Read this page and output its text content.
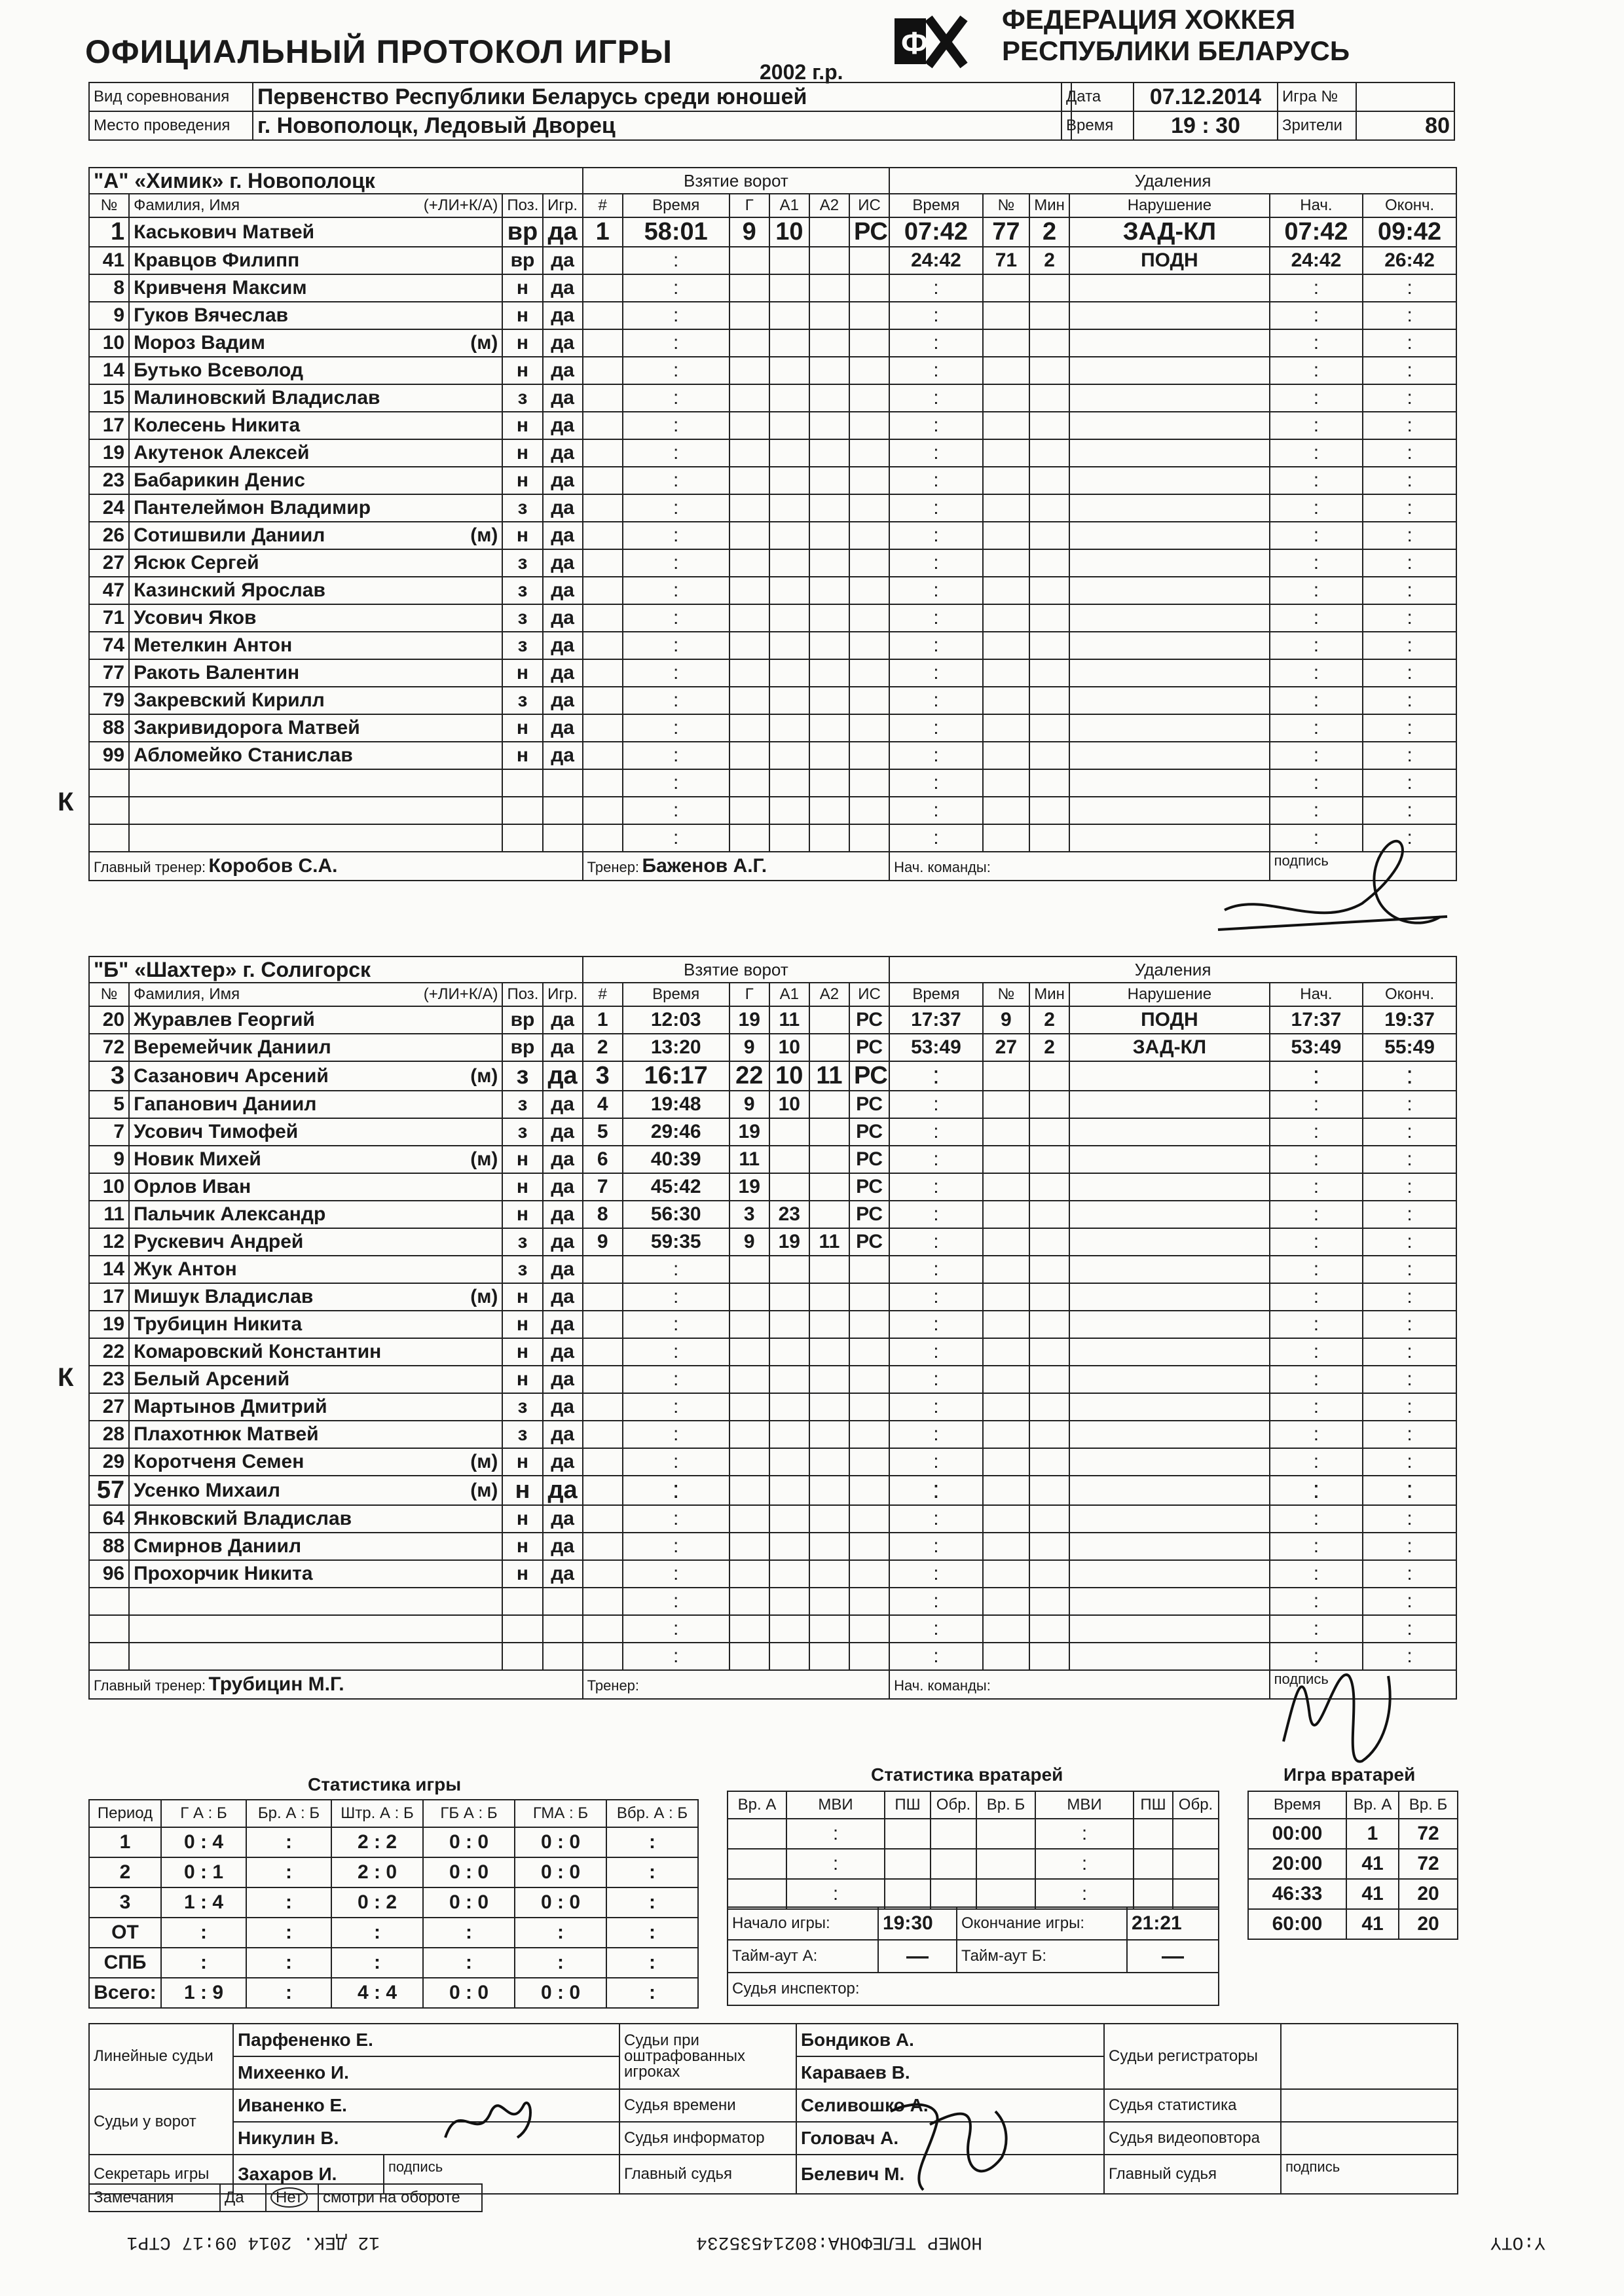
ОФИЦИАЛЬНЫЙ ПРОТОКОЛ ИГРЫ
2002 г.р.
Ф
ФЕДЕРАЦИЯ ХОККЕЯ
РЕСПУБЛИКИ БЕЛАРУСЬ
Вид соревнования	Первенство Республики Беларусь среди юношей
Место проведения	г. Новополоцк, Ледовый Дворец
Дата	07.12.2014	Игра №	
Время	19 : 30	Зрители	80
"А" «Химик» г. Новополоцк				Взятие ворот						Удаления					
№	Фамилия, Имя (+ЛИ+К/А)	Поз.	Игр.	#	Время	Г	А1	А2	ИС	Время	№	Мин	Нарушение	Нач.	Оконч.
1	Каськович Матвей	вр	да	1	58:01	9	10		РС	07:42	77	2	ЗАД-КЛ	07:42	09:42
41	Кравцов Филипп	вр	да		:					24:42	71	2	ПОДН	24:42	26:42
8	Кривченя Максим	н	да		:					:				:	:
9	Гуков Вячеслав	н	да		:					:				:	:
10	Мороз Вадим (м)	н	да		:					:				:	:
14	Бутько Всеволод	н	да		:					:				:	:
15	Малиновский Владислав	з	да		:					:				:	:
17	Колесень Никита	н	да		:					:				:	:
19	Акутенок Алексей	н	да		:					:				:	:
23	Бабарикин Денис	н	да		:					:				:	:
24	Пантелеймон Владимир	з	да		:					:				:	:
26	Сотишвили Даниил (м)	н	да		:					:				:	:
27	Ясюк Сергей	з	да		:					:				:	:
47	Казинский Ярослав	з	да		:					:				:	:
71	Усович Яков	з	да		:					:				:	:
74	Метелкин Антон	з	да		:					:				:	:
77	Ракоть Валентин	н	да		:					:				:	:
79	Закревский Кирилл	з	да		:					:				:	:
88	Закривидорога Матвей	н	да		:					:				:	:
99	Абломейко Станислав	н	да		:					:				:	:

				:					:				:	:

				:					:				:	:

				:					:				:	:
Главный тренер: Коробов С.А.				Тренер: Баженов А.Г.						Нач. команды:				подпись	
К
"Б" «Шахтер» г. Солигорск				Взятие ворот						Удаления					
№	Фамилия, Имя (+ЛИ+К/А)	Поз.	Игр.	#	Время	Г	А1	А2	ИС	Время	№	Мин	Нарушение	Нач.	Оконч.
20	Журавлев Георгий	вр	да	1	12:03	19	11		РС	17:37	9	2	ПОДН	17:37	19:37
72	Веремейчик Даниил	вр	да	2	13:20	9	10		РС	53:49	27	2	ЗАД-КЛ	53:49	55:49
3	Сазанович Арсений (м)	з	да	3	16:17	22	10	11	РС	:				:	:
5	Гапанович Даниил	з	да	4	19:48	9	10		РС	:				:	:
7	Усович Тимофей	з	да	5	29:46	19			РС	:				:	:
9	Новик Михей (м)	н	да	6	40:39	11			РС	:				:	:
10	Орлов Иван	н	да	7	45:42	19			РС	:				:	:
11	Пальчик Александр	н	да	8	56:30	3	23		РС	:				:	:
12	Рускевич Андрей	з	да	9	59:35	9	19	11	РС	:				:	:
14	Жук Антон	з	да		:					:				:	:
17	Мишук Владислав (м)	н	да		:					:				:	:
19	Трубицин Никита	н	да		:					:				:	:
22	Комаровский Константин	н	да		:					:				:	:
23	Белый Арсений	н	да		:					:				:	:
27	Мартынов Дмитрий	з	да		:					:				:	:
28	Плахотнюк Матвей	з	да		:					:				:	:
29	Коротченя Семен (м)	н	да		:					:				:	:
57	Усенко Михаил (м)	н	да		:					:				:	:
64	Янковский Владислав	н	да		:					:				:	:
88	Смирнов Даниил	н	да		:					:				:	:
96	Прохорчик Никита	н	да		:					:				:	:

				:					:				:	:

				:					:				:	:

				:					:				:	:
Главный тренер: Трубицин М.Г.				Тренер:						Нач. команды:				подпись	
К
Статистика игры
Период	Г А : Б	Бр. А : Б	Штр. А : Б	ГБ А : Б	ГМА : Б	Вбр. А : Б
1	0 : 4	:	2 : 2	0 : 0	0 : 0	:
2	0 : 1	:	2 : 0	0 : 0	0 : 0	:
3	1 : 4	:	0 : 2	0 : 0	0 : 0	:
ОТ	:	:	:	:	:	:
СПБ	:	:	:	:	:	:
Всего:	1 : 9	:	4 : 4	0 : 0	0 : 0	:
Статистика вратарей
Вр. А	МВИ	ПШ	Обр.	Вр. Б	МВИ	ПШ	Обр.
	:				:		
	:				:		
	:				:		
Начало игры:	19:30	Окончание игры:	21:21
Тайм-аут А:	—	Тайм-аут Б:	—
Судья инспектор:			
Игра вратарей
Время	Вр. А	Вр. Б
00:00	1	72
20:00	41	72
46:33	41	20
60:00	41	20
Линейные судьи	Парфененко Е.		Судьи при оштрафованных игроках	Бондиков А.	Судьи регистраторы	
	Михеенко И.			Караваев В.		
Судьи у ворот	Иваненко Е.		Судья времени	Селивошко А.	Судья статистика	
	Никулин В.		Судья информатор	Головач А.	Судья видеоповтора	
Секретарь игры	Захаров И.	подпись	Главный судья	Белевич М.	Главный судья	подпись
Замечания	Да	Нет	смотри на обороте
Y:OTY
НОМЕР ТЕЛЕФОНА:80214535234
12 ДЕК. 2014 09:17 СТР1
